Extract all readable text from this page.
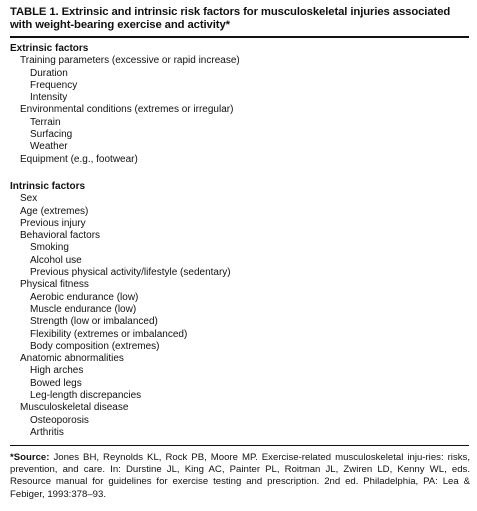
TABLE 1. Extrinsic and intrinsic risk factors for musculoskeletal injuries associated with weight-bearing exercise and activity*
Extrinsic factors
Training parameters (excessive or rapid increase)
Duration
Frequency
Intensity
Environmental conditions (extremes or irregular)
Terrain
Surfacing
Weather
Equipment (e.g., footwear)
Intrinsic factors
Sex
Age (extremes)
Previous injury
Behavioral factors
Smoking
Alcohol use
Previous physical activity/lifestyle (sedentary)
Physical fitness
Aerobic endurance (low)
Muscle endurance (low)
Strength (low or imbalanced)
Flexibility (extremes or imbalanced)
Body composition (extremes)
Anatomic abnormalities
High arches
Bowed legs
Leg-length discrepancies
Musculoskeletal disease
Osteoporosis
Arthritis
*Source: Jones BH, Reynolds KL, Rock PB, Moore MP. Exercise-related musculoskeletal inju-ries: risks, prevention, and care. In: Durstine JL, King AC, Painter PL, Roitman JL, Zwiren LD, Kenny WL, eds. Resource manual for guidelines for exercise testing and prescription. 2nd ed. Philadelphia, PA: Lea & Febiger, 1993:378–93.
